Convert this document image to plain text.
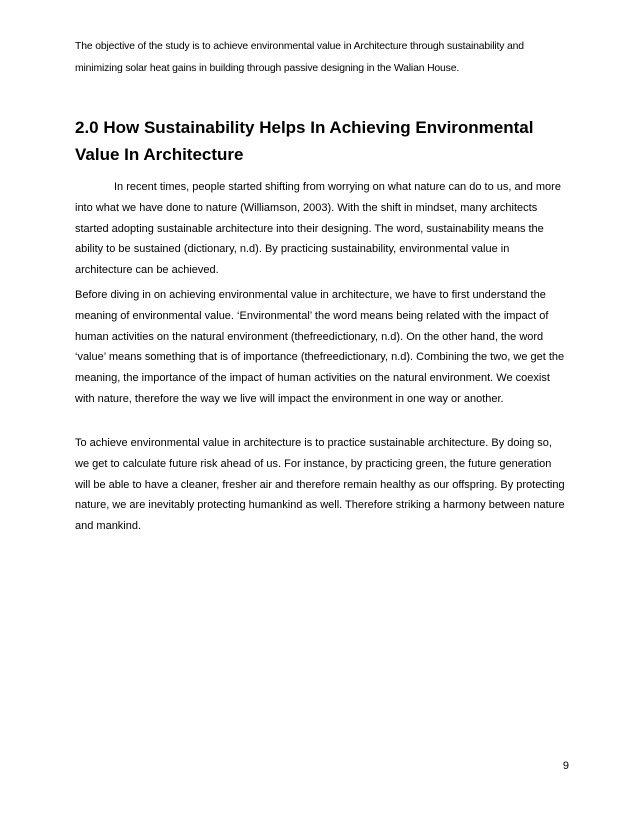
The objective of the study is to achieve environmental value in Architecture through sustainability and minimizing solar heat gains in building through passive designing in the Walian House.

2.0 How Sustainability Helps In Achieving Environmental Value In Architecture

In recent times, people started shifting from worrying on what nature can do to us, and more into what we have done to nature (Williamson, 2003). With the shift in mindset, many architects started adopting sustainable architecture into their designing. The word, sustainability means the ability to be sustained (dictionary, n.d). By practicing sustainability, environmental value in architecture can be achieved.

Before diving in on achieving environmental value in architecture, we have to first understand the meaning of environmental value. ‘Environmental’ the word means being related with the impact of human activities on the natural environment (thefreedictionary, n.d). On the other hand, the word ‘value’ means something that is of importance (thefreedictionary, n.d). Combining the two, we get the meaning, the importance of the impact of human activities on the natural environment. We coexist with nature, therefore the way we live will impact the environment in one way or another.

To achieve environmental value in architecture is to practice sustainable architecture. By doing so, we get to calculate future risk ahead of us. For instance, by practicing green, the future generation will be able to have a cleaner, fresher air and therefore remain healthy as our offspring. By protecting nature, we are inevitably protecting humankind as well. Therefore striking a harmony between nature and mankind.

9
